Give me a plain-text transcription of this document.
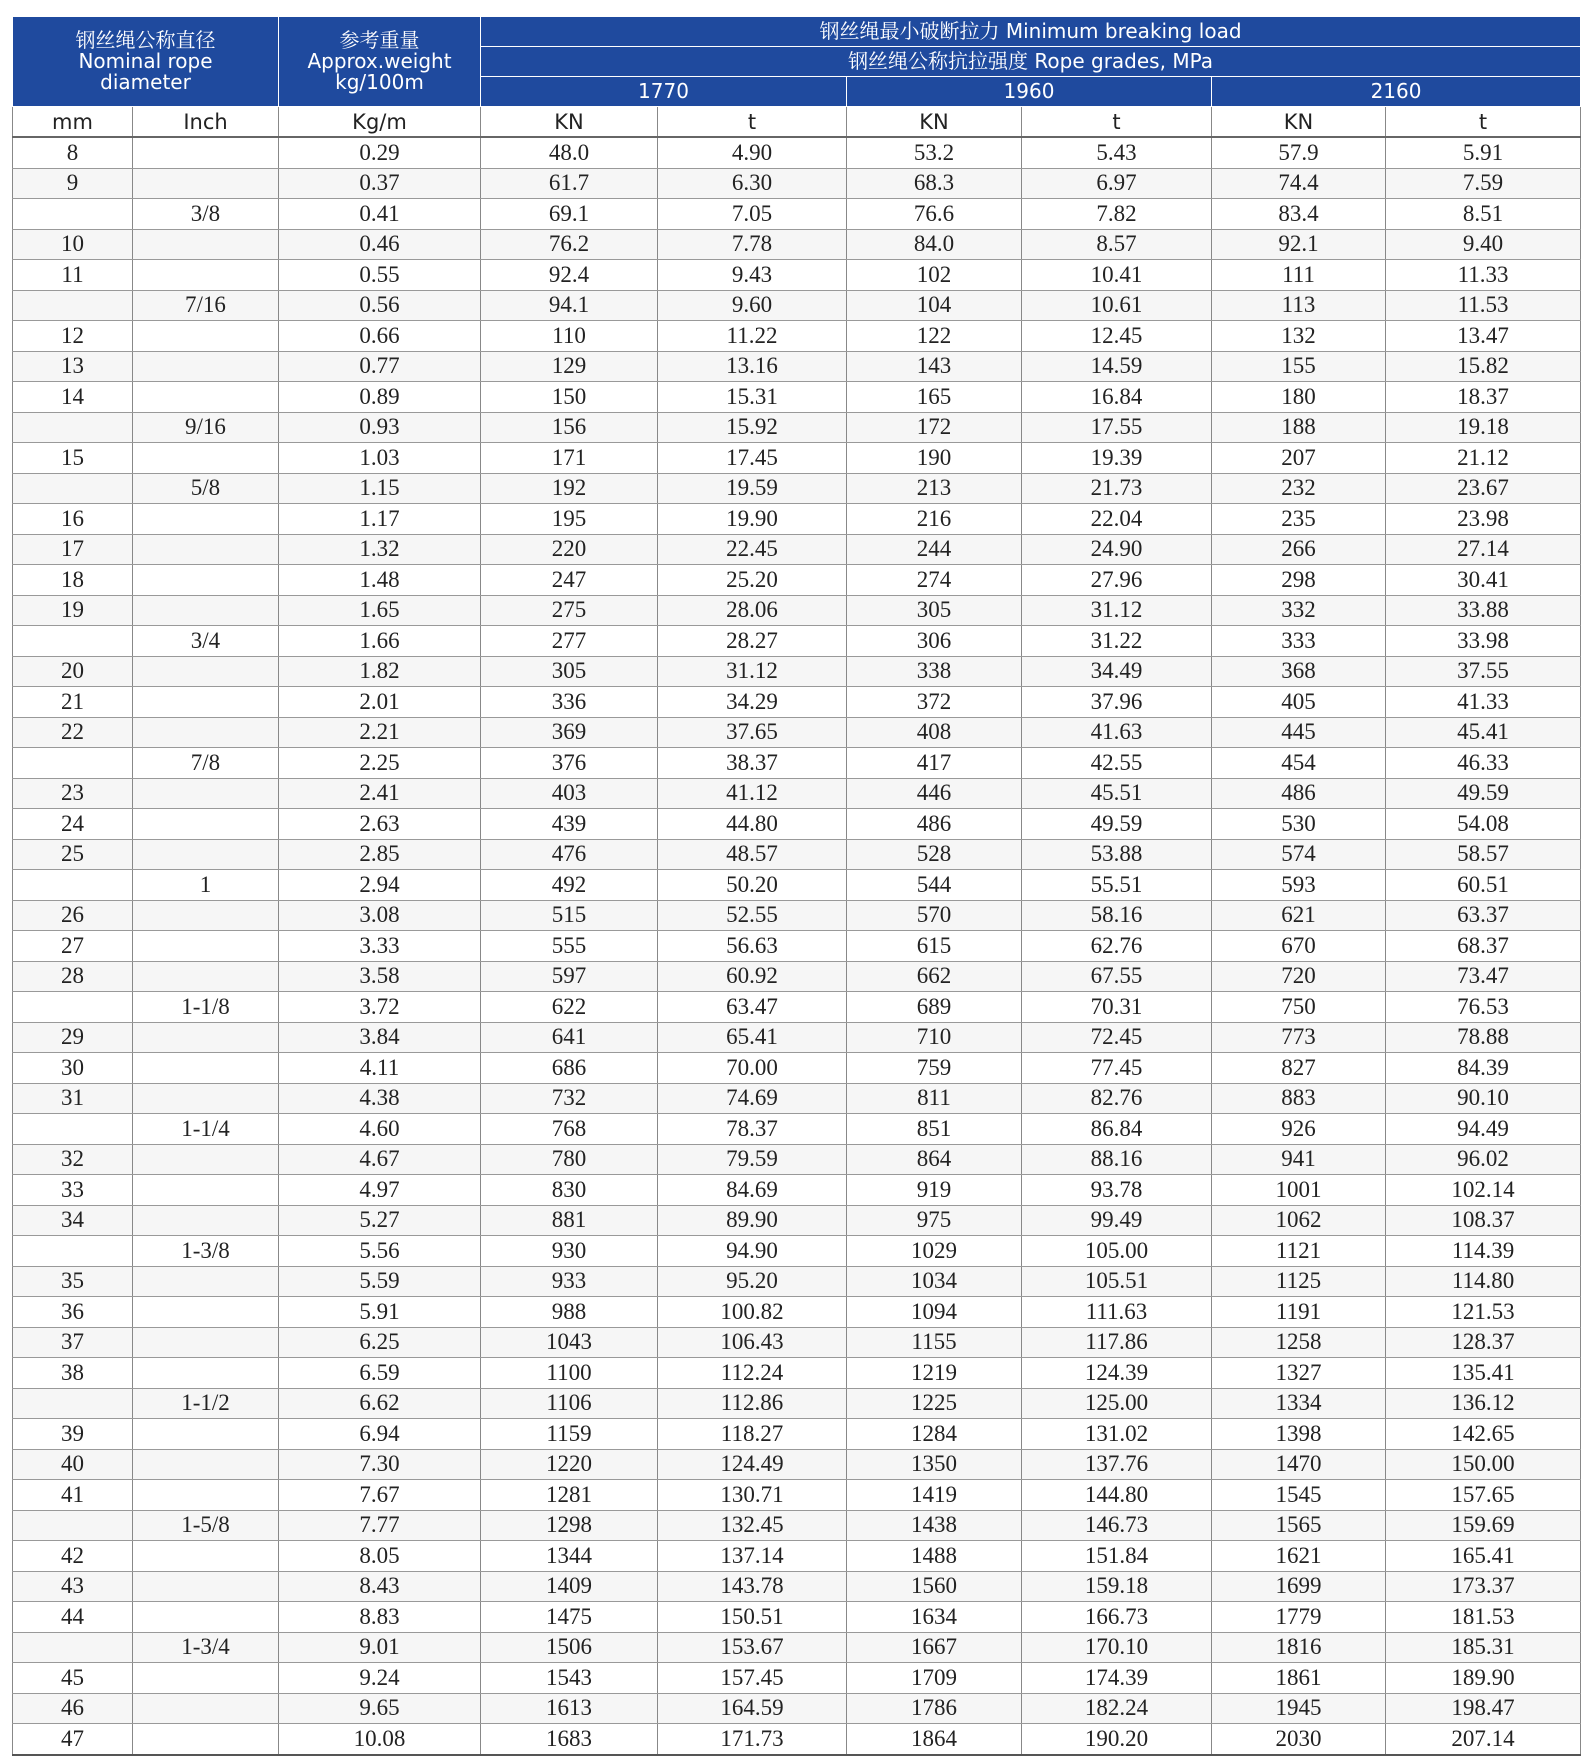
钢丝绳公称直径
Nominal rope
diameter		参考重量
Approx.weight
kg/100m	钢丝绳最小破断拉力 Minimum breaking load					
			钢丝绳公称抗拉强度 Rope grades, MPa					
			1770		1960		2160	
mm	Inch	Kg/m	KN	t	KN	t	KN	t
8		0.29	48.0	4.90	53.2	5.43	57.9	5.91
9		0.37	61.7	6.30	68.3	6.97	74.4	7.59
	3/8	0.41	69.1	7.05	76.6	7.82	83.4	8.51
10		0.46	76.2	7.78	84.0	8.57	92.1	9.40
11		0.55	92.4	9.43	102	10.41	111	11.33
	7/16	0.56	94.1	9.60	104	10.61	113	11.53
12		0.66	110	11.22	122	12.45	132	13.47
13		0.77	129	13.16	143	14.59	155	15.82
14		0.89	150	15.31	165	16.84	180	18.37
	9/16	0.93	156	15.92	172	17.55	188	19.18
15		1.03	171	17.45	190	19.39	207	21.12
	5/8	1.15	192	19.59	213	21.73	232	23.67
16		1.17	195	19.90	216	22.04	235	23.98
17		1.32	220	22.45	244	24.90	266	27.14
18		1.48	247	25.20	274	27.96	298	30.41
19		1.65	275	28.06	305	31.12	332	33.88
	3/4	1.66	277	28.27	306	31.22	333	33.98
20		1.82	305	31.12	338	34.49	368	37.55
21		2.01	336	34.29	372	37.96	405	41.33
22		2.21	369	37.65	408	41.63	445	45.41
	7/8	2.25	376	38.37	417	42.55	454	46.33
23		2.41	403	41.12	446	45.51	486	49.59
24		2.63	439	44.80	486	49.59	530	54.08
25		2.85	476	48.57	528	53.88	574	58.57
	1	2.94	492	50.20	544	55.51	593	60.51
26		3.08	515	52.55	570	58.16	621	63.37
27		3.33	555	56.63	615	62.76	670	68.37
28		3.58	597	60.92	662	67.55	720	73.47
	1-1/8	3.72	622	63.47	689	70.31	750	76.53
29		3.84	641	65.41	710	72.45	773	78.88
30		4.11	686	70.00	759	77.45	827	84.39
31		4.38	732	74.69	811	82.76	883	90.10
	1-1/4	4.60	768	78.37	851	86.84	926	94.49
32		4.67	780	79.59	864	88.16	941	96.02
33		4.97	830	84.69	919	93.78	1001	102.14
34		5.27	881	89.90	975	99.49	1062	108.37
	1-3/8	5.56	930	94.90	1029	105.00	1121	114.39
35		5.59	933	95.20	1034	105.51	1125	114.80
36		5.91	988	100.82	1094	111.63	1191	121.53
37		6.25	1043	106.43	1155	117.86	1258	128.37
38		6.59	1100	112.24	1219	124.39	1327	135.41
	1-1/2	6.62	1106	112.86	1225	125.00	1334	136.12
39		6.94	1159	118.27	1284	131.02	1398	142.65
40		7.30	1220	124.49	1350	137.76	1470	150.00
41		7.67	1281	130.71	1419	144.80	1545	157.65
	1-5/8	7.77	1298	132.45	1438	146.73	1565	159.69
42		8.05	1344	137.14	1488	151.84	1621	165.41
43		8.43	1409	143.78	1560	159.18	1699	173.37
44		8.83	1475	150.51	1634	166.73	1779	181.53
	1-3/4	9.01	1506	153.67	1667	170.10	1816	185.31
45		9.24	1543	157.45	1709	174.39	1861	189.90
46		9.65	1613	164.59	1786	182.24	1945	198.47
47		10.08	1683	171.73	1864	190.20	2030	207.14
